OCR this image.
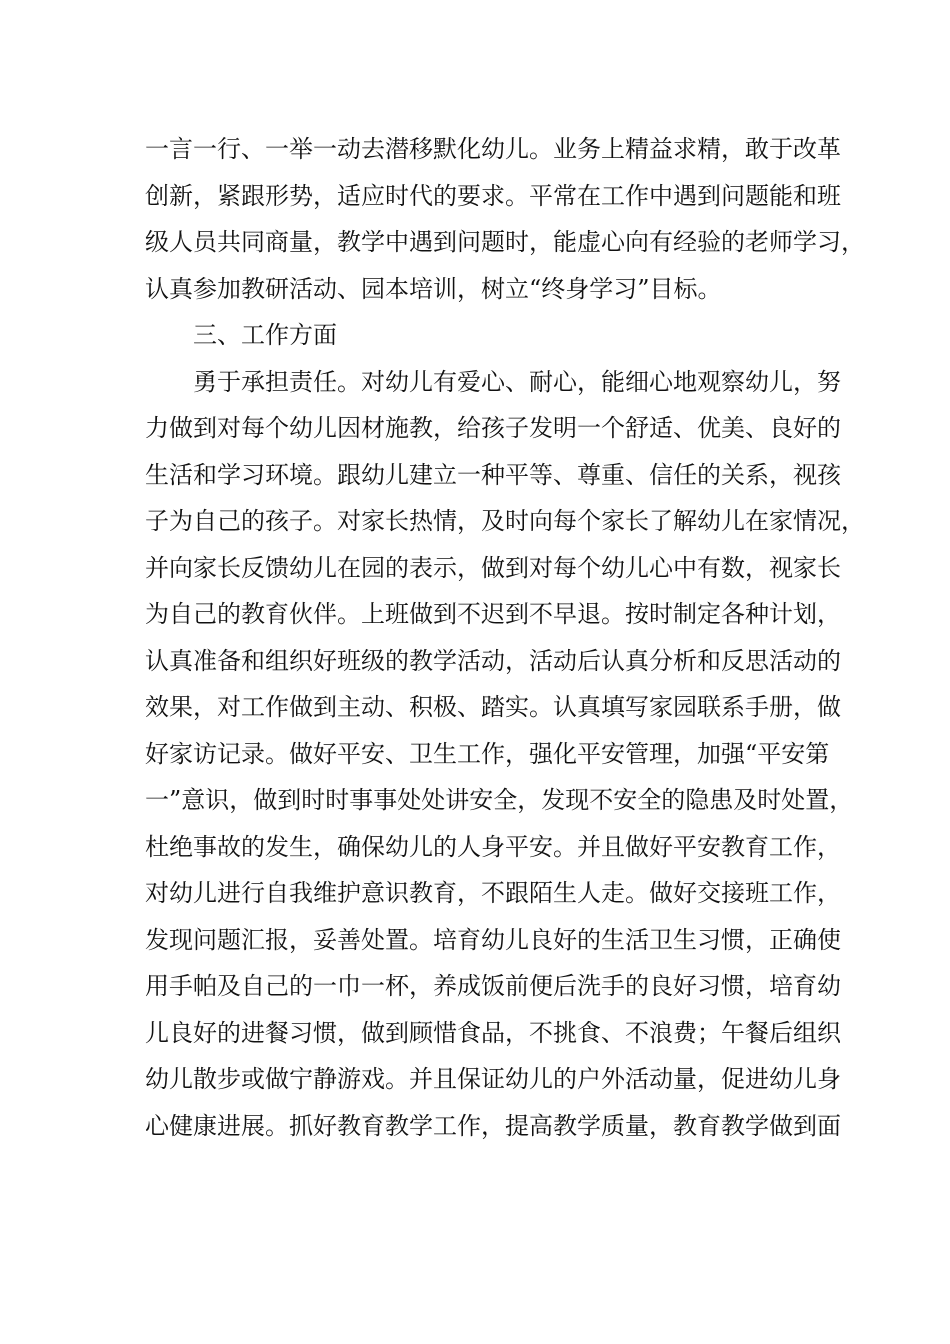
一言一行、一举一动去潜移默化幼儿。业务上精益求精，敢于改革
创新，紧跟形势，适应时代的要求。平常在工作中遇到问题能和班
级人员共同商量，教学中遇到问题时，能虚心向有经验的老师学习，
认真参加教研活动、园本培训，树立“终身学习”目标。
三、工作方面
勇于承担责任。对幼儿有爱心、耐心，能细心地观察幼儿，努
力做到对每个幼儿因材施教，给孩子发明一个舒适、优美、良好的
生活和学习环境。跟幼儿建立一种平等、尊重、信任的关系，视孩
子为自己的孩子。对家长热情，及时向每个家长了解幼儿在家情况，
并向家长反馈幼儿在园的表示，做到对每个幼儿心中有数，视家长
为自己的教育伙伴。上班做到不迟到不早退。按时制定各种计划，
认真准备和组织好班级的教学活动，活动后认真分析和反思活动的
效果，对工作做到主动、积极、踏实。认真填写家园联系手册，做
好家访记录。做好平安、卫生工作，强化平安管理，加强“平安第
一”意识，做到时时事事处处讲安全，发现不安全的隐患及时处置，
杜绝事故的发生，确保幼儿的人身平安。并且做好平安教育工作，
对幼儿进行自我维护意识教育，不跟陌生人走。做好交接班工作，
发现问题汇报，妥善处置。培育幼儿良好的生活卫生习惯，正确使
用手帕及自己的一巾一杯，养成饭前便后洗手的良好习惯，培育幼
儿良好的进餐习惯，做到顾惜食品，不挑食、不浪费；午餐后组织
幼儿散步或做宁静游戏。并且保证幼儿的户外活动量，促进幼儿身
心健康进展。抓好教育教学工作，提高教学质量，教育教学做到面
